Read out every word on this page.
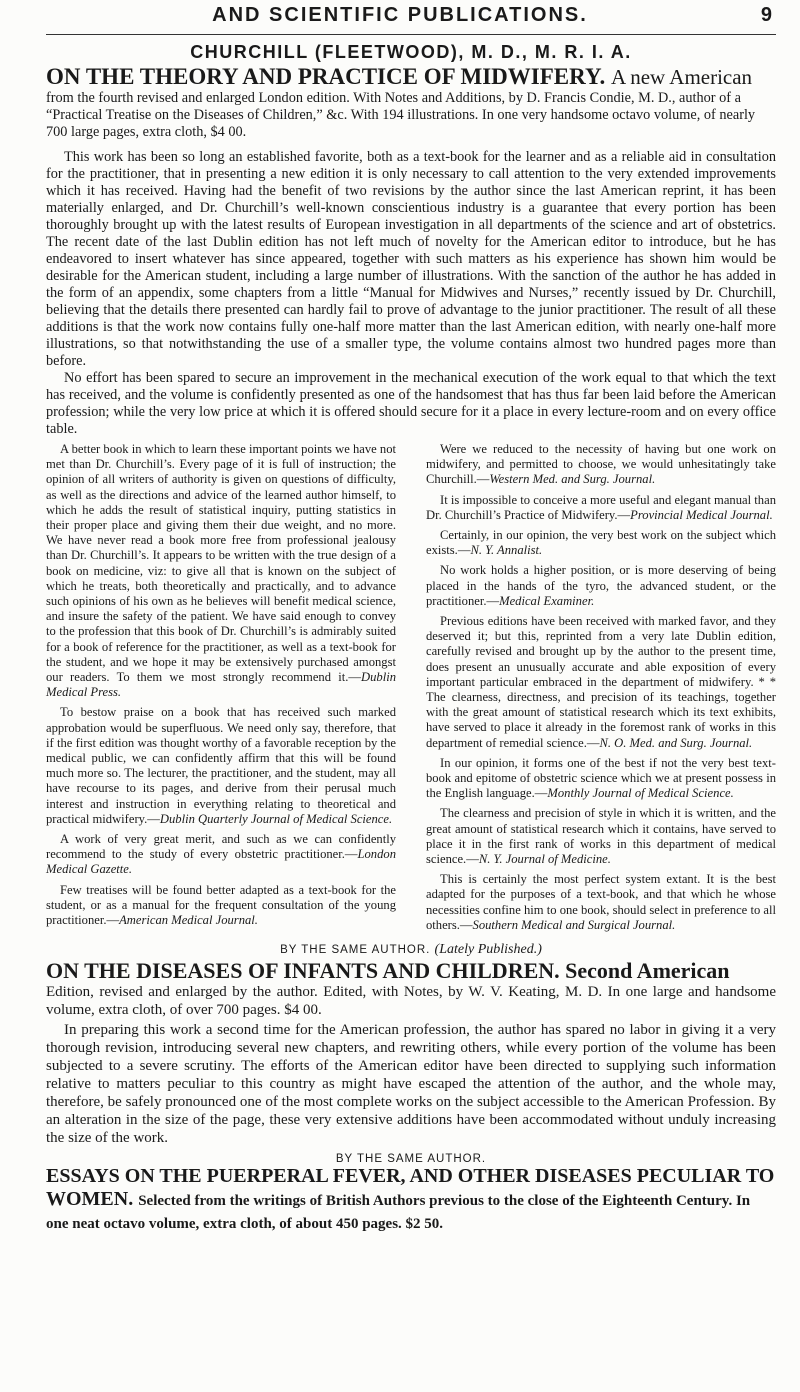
AND SCIENTIFIC PUBLICATIONS.	9
CHURCHILL (FLEETWOOD), M. D., M. R. I. A.

ON THE THEORY AND PRACTICE OF MIDWIFERY. A new American

from the fourth revised and enlarged London edition. With Notes and Additions, by D. Francis Condie, M. D., author of a “Practical Treatise on the Diseases of Children,” &c. With 194 illustrations. In one very handsome octavo volume, of nearly 700 large pages, extra cloth, $4 00.

This work has been so long an established favorite, both as a text-book for the learner and as a reliable aid in consultation for the practitioner, that in presenting a new edition it is only necessary to call attention to the very extended improvements which it has received. Having had the benefit of two revisions by the author since the last American reprint, it has been materially enlarged, and Dr. Churchill’s well-known conscientious industry is a guarantee that every portion has been thoroughly brought up with the latest results of European investigation in all departments of the science and art of obstetrics. The recent date of the last Dublin edition has not left much of novelty for the American editor to introduce, but he has endeavored to insert whatever has since appeared, together with such matters as his experience has shown him would be desirable for the American student, including a large number of illustrations. With the sanction of the author he has added in the form of an appendix, some chapters from a little “Manual for Midwives and Nurses,” recently issued by Dr. Churchill, believing that the details there presented can hardly fail to prove of advantage to the junior practitioner. The result of all these additions is that the work now contains fully one-half more matter than the last American edition, with nearly one-half more illustrations, so that notwithstanding the use of a smaller type, the volume contains almost two hundred pages more than before.

No effort has been spared to secure an improvement in the mechanical execution of the work equal to that which the text has received, and the volume is confidently presented as one of the handsomest that has thus far been laid before the American profession; while the very low price at which it is offered should secure for it a place in every lecture-room and on every office table.

A better book in which to learn these important points we have not met than Dr. Churchill’s. Every page of it is full of instruction; the opinion of all writers of authority is given on questions of difficulty, as well as the directions and advice of the learned author himself, to which he adds the result of statistical inquiry, putting statistics in their proper place and giving them their due weight, and no more. We have never read a book more free from professional jealousy than Dr. Churchill’s. It appears to be written with the true design of a book on medicine, viz: to give all that is known on the subject of which he treats, both theoretically and practically, and to advance such opinions of his own as he believes will benefit medical science, and insure the safety of the patient. We have said enough to convey to the profession that this book of Dr. Churchill’s is admirably suited for a book of reference for the practitioner, as well as a text-book for the student, and we hope it may be extensively purchased amongst our readers. To them we most strongly recommend it.—Dublin Medical Press.

To bestow praise on a book that has received such marked approbation would be superfluous. We need only say, therefore, that if the first edition was thought worthy of a favorable reception by the medical public, we can confidently affirm that this will be found much more so. The lecturer, the practitioner, and the student, may all have recourse to its pages, and derive from their perusal much interest and instruction in everything relating to theoretical and practical midwifery.—Dublin Quarterly Journal of Medical Science.

A work of very great merit, and such as we can confidently recommend to the study of every obstetric practitioner.—London Medical Gazette.

Few treatises will be found better adapted as a text-book for the student, or as a manual for the frequent consultation of the young practitioner.—American Medical Journal.

Were we reduced to the necessity of having but one work on midwifery, and permitted to choose, we would unhesitatingly take Churchill.—Western Med. and Surg. Journal.

It is impossible to conceive a more useful and elegant manual than Dr. Churchill’s Practice of Midwifery.—Provincial Medical Journal.

Certainly, in our opinion, the very best work on the subject which exists.—N. Y. Annalist.

No work holds a higher position, or is more deserving of being placed in the hands of the tyro, the advanced student, or the practitioner.—Medical Examiner.

Previous editions have been received with marked favor, and they deserved it; but this, reprinted from a very late Dublin edition, carefully revised and brought up by the author to the present time, does present an unusually accurate and able exposition of every important particular embraced in the department of midwifery. * * The clearness, directness, and precision of its teachings, together with the great amount of statistical research which its text exhibits, have served to place it already in the foremost rank of works in this department of remedial science.—N. O. Med. and Surg. Journal.

In our opinion, it forms one of the best if not the very best text-book and epitome of obstetric science which we at present possess in the English language.—Monthly Journal of Medical Science.

The clearness and precision of style in which it is written, and the great amount of statistical research which it contains, have served to place it in the first rank of works in this department of medical science.—N. Y. Journal of Medicine.

This is certainly the most perfect system extant. It is the best adapted for the purposes of a text-book, and that which he whose necessities confine him to one book, should select in preference to all others.—Southern Medical and Surgical Journal.

BY THE SAME AUTHOR. (Lately Published.)

ON THE DISEASES OF INFANTS AND CHILDREN. Second American

Edition, revised and enlarged by the author. Edited, with Notes, by W. V. Keating, M. D. In one large and handsome volume, extra cloth, of over 700 pages. $4 00.

In preparing this work a second time for the American profession, the author has spared no labor in giving it a very thorough revision, introducing several new chapters, and rewriting others, while every portion of the volume has been subjected to a severe scrutiny. The efforts of the American editor have been directed to supplying such information relative to matters peculiar to this country as might have escaped the attention of the author, and the whole may, therefore, be safely pronounced one of the most complete works on the subject accessible to the American Profession. By an alteration in the size of the page, these very extensive additions have been accommodated without unduly increasing the size of the work.

BY THE SAME AUTHOR.

ESSAYS ON THE PUERPERAL FEVER, AND OTHER DISEASES PECULIAR TO WOMEN. Selected from the writings of British Authors previous to the close of the Eighteenth Century. In one neat octavo volume, extra cloth, of about 450 pages. $2 50.
